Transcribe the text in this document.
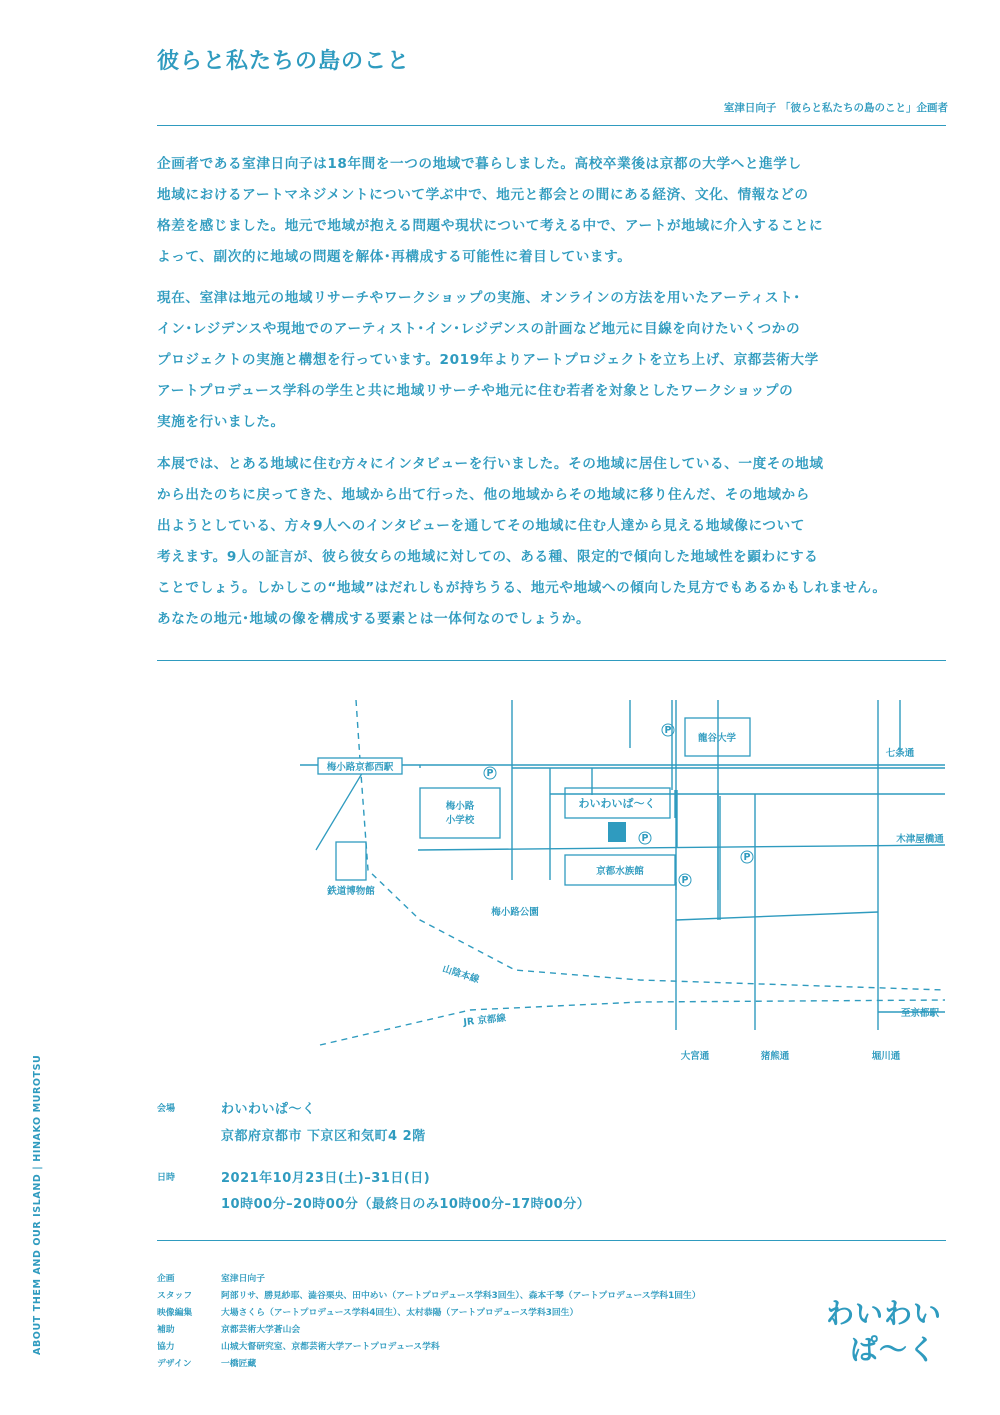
彼らと私たちの島のこと
室津日向子 「彼らと私たちの島のこと」企画者
企画者である室津日向子は18年間を一つの地域で暮らしました。高校卒業後は京都の大学へと進学し
地域におけるアートマネジメントについて学ぶ中で、地元と都会との間にある経済、文化、情報などの
格差を感じました。地元で地域が抱える問題や現状について考える中で、アートが地域に介入することに
よって、副次的に地域の問題を解体･再構成する可能性に着目しています。
現在、室津は地元の地域リサーチやワークショップの実施、オンラインの方法を用いたアーティスト･
イン･レジデンスや現地でのアーティスト･イン･レジデンスの計画など地元に目線を向けたいくつかの
プロジェクトの実施と構想を行っています。2019年よりアートプロジェクトを立ち上げ、京都芸術大学
アートプロデュース学科の学生と共に地域リサーチや地元に住む若者を対象としたワークショップの
実施を行いました。
本展では、とある地域に住む方々にインタビューを行いました。その地域に居住している、一度その地域
から出たのちに戻ってきた、地域から出て行った、他の地域からその地域に移り住んだ、その地域から
出ようとしている、方々9人へのインタビューを通してその地域に住む人達から見える地域像について
考えます。9人の証言が、彼ら彼女らの地域に対しての、ある種、限定的で傾向した地域性を顕わにする
ことでしょう。しかしこの“地域”はだれしもが持ちうる、地元や地域への傾向した見方でもあるかもしれません。
あなたの地元･地域の像を構成する要素とは一体何なのでしょうか。
P
P
P
P
P
龍谷大学
七条通
梅小路京都西駅
梅小路
小学校
わいわいぱ〜く
木津屋橋通
京都水族館
鉄道博物館
梅小路公園
山陰本線
JR 京都線	至京都駅
大宮通	猪熊通	堀川通
会場	わいわいぱ〜く
京都府京都市 下京区和気町4 2階
日時	2021年10月23日(土)–31日(日)
10時00分–20時00分（最終日のみ10時00分–17時00分）
企画	室津日向子
スタッフ	阿部リサ、勝見紗耶、澁谷栗央、田中めい（アートプロデュース学科3回生）、森本千琴（アートプロデュース学科1回生）
映像編集	大場さくら（アートプロデュース学科4回生）、太村恭陽（アートプロデュース学科3回生）
補助	京都芸術大学蒼山会
協力	山城大督研究室、京都芸術大学アートプロデュース学科
デザイン	一橋匠藏
ABOUT THEM AND OUR ISLAND | HINAKO MUROTSU	わいわい
ぱ〜く
